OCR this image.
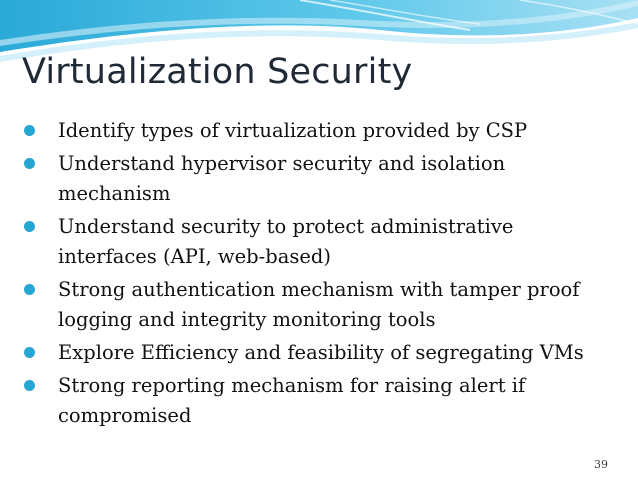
Virtualization Security
Identify types of virtualization provided by CSP
Understand hypervisor security and isolation mechanism
Understand security to protect administrative interfaces (API, web-based)
Strong authentication mechanism with tamper proof logging and integrity monitoring tools
Explore Efficiency and feasibility of segregating VMs
Strong reporting mechanism for raising alert if compromised
39
